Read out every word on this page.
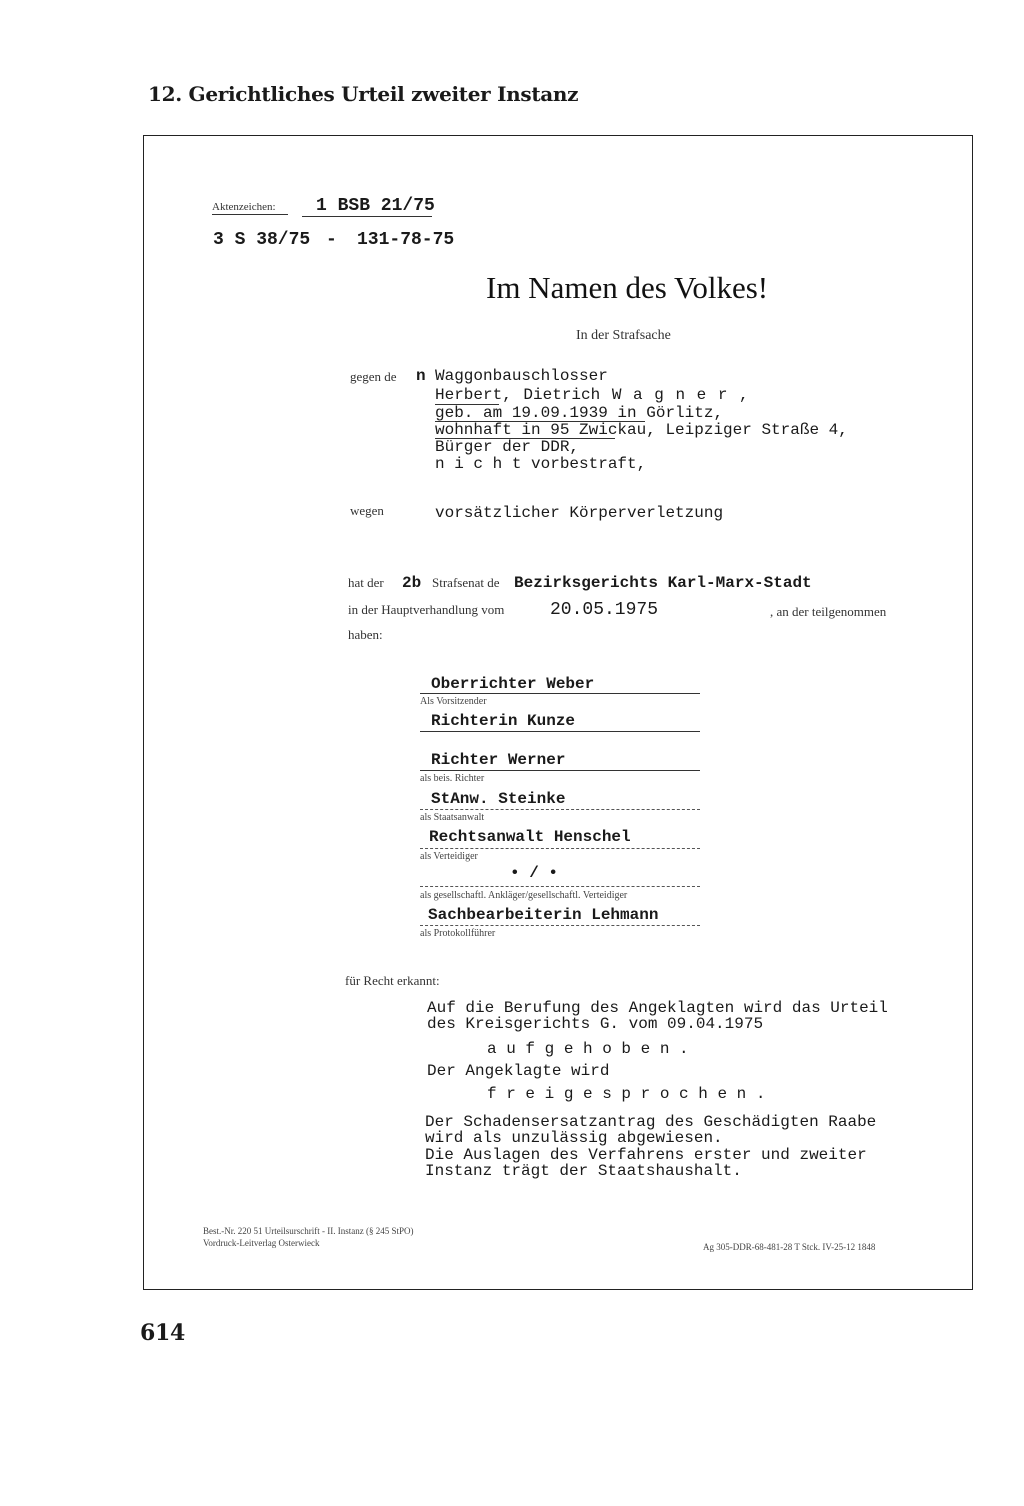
12. Gerichtliches Urteil zweiter Instanz
Aktenzeichen: 1 BSB 21/75
3 S 38/75 - 131-78-75
Im Namen des Volkes!
In der Strafsache
gegen de n Waggonbauschlosser
Herbert, Dietrich W a g n e r ,
geb. am 19.09.1939 in Görlitz,
wohnhaft in 95 Zwickau, Leipziger Straße 4,
Bürger der DDR,
n i c h t vorbestraft,
wegen	vorsätzlicher Körperverletzung
hat der 2b Strafsenat de Bezirksgerichts Karl-Marx-Stadt
in der Hauptverhandlung vom	20.05.1975	, an der teilgenommen
haben:
Oberrichter Weber
Als Vorsitzender
Richterin Kunze
Richter Werner
als beis. Richter
StAnw. Steinke
als Staatsanwalt
Rechtsanwalt Henschel
als Verteidiger
• / •
als gesellschaftl. Ankläger/gesellschaftl. Verteidiger
Sachbearbeiterin Lehmann
als Protokollführer
für Recht erkannt:
Auf die Berufung des Angeklagten wird das Urteil
des Kreisgerichts G. vom 09.04.1975
a u f g e h o b e n .
Der Angeklagte wird
f r e i g e s p r o c h e n .
Der Schadensersatzantrag des Geschädigten Raabe
wird als unzulässig abgewiesen.
Die Auslagen des Verfahrens erster und zweiter
Instanz trägt der Staatshaushalt.
Best.-Nr. 220 51 Urteilsurschrift - II. Instanz (§ 245 StPO)
Vordruck-Leitverlag Osterwieck	Ag 305-DDR-68-481-28 T Stck. IV-25-12 1848
614
